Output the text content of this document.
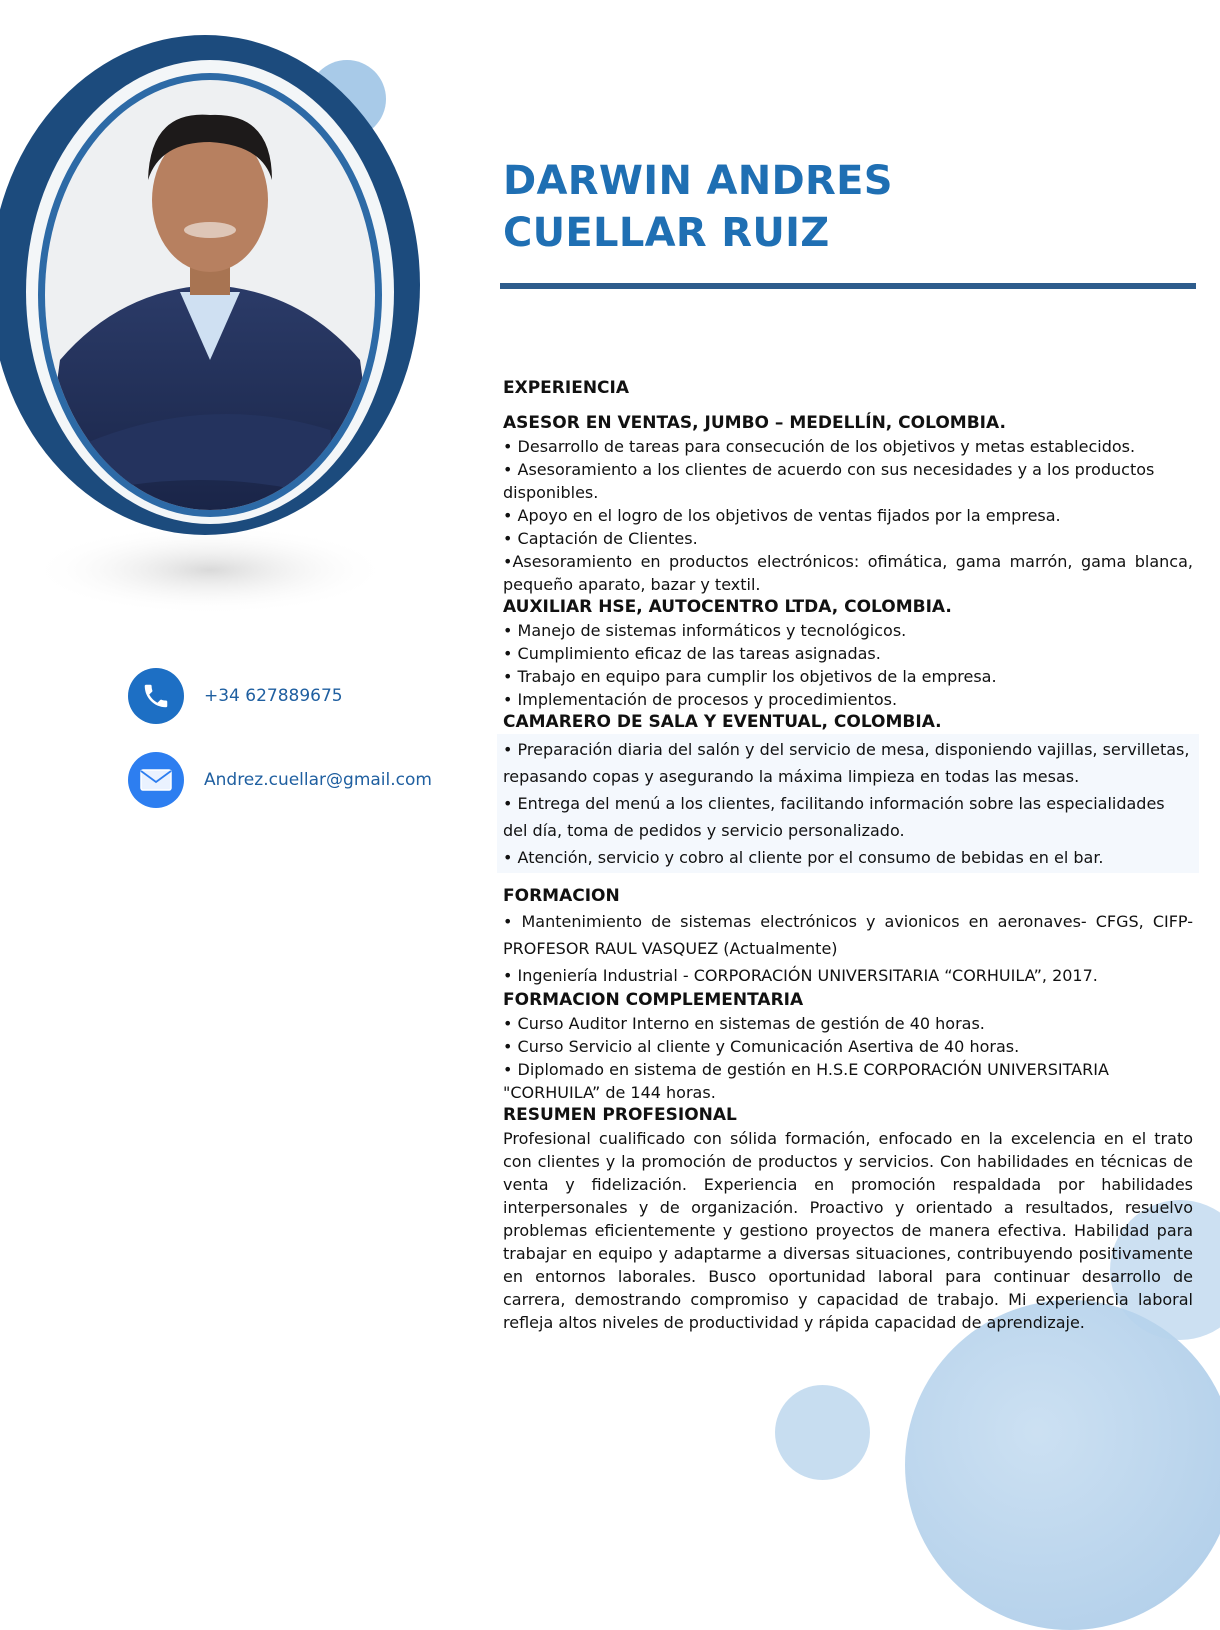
DARWIN ANDRES
CUELLAR RUIZ
+34 627889675
Andrez.cuellar@gmail.com

EXPERIENCIA

ASESOR EN VENTAS, JUMBO – MEDELLÍN, COLOMBIA.

• Desarrollo de tareas para consecución de los objetivos y metas establecidos.

• Asesoramiento a los clientes de acuerdo con sus necesidades y a los productos disponibles.

• Apoyo en el logro de los objetivos de ventas fijados por la empresa.

• Captación de Clientes.

•Asesoramiento en productos electrónicos: ofimática, gama marrón, gama blanca, pequeño aparato, bazar y textil.

AUXILIAR HSE, AUTOCENTRO LTDA, COLOMBIA.

• Manejo de sistemas informáticos y tecnológicos.

• Cumplimiento eficaz de las tareas asignadas.

• Trabajo en equipo para cumplir los objetivos de la empresa.

• Implementación de procesos y procedimientos.

CAMARERO DE SALA Y EVENTUAL, COLOMBIA.

• Preparación diaria del salón y del servicio de mesa, disponiendo vajillas, servilletas, repasando copas y asegurando la máxima limpieza en todas las mesas.

• Entrega del menú a los clientes, facilitando información sobre las especialidades del día, toma de pedidos y servicio personalizado.

• Atención, servicio y cobro al cliente por el consumo de bebidas en el bar.

FORMACION

• Mantenimiento de sistemas electrónicos y avionicos en aeronaves- CFGS, CIFP- PROFESOR RAUL VASQUEZ (Actualmente)

• Ingeniería Industrial - CORPORACIÓN UNIVERSITARIA “CORHUILA”, 2017.

FORMACION COMPLEMENTARIA

• Curso Auditor Interno en sistemas de gestión de 40 horas.

• Curso Servicio al cliente y Comunicación Asertiva de 40 horas.

• Diplomado en sistema de gestión en H.S.E CORPORACIÓN UNIVERSITARIA "CORHUILA” de 144 horas.

RESUMEN PROFESIONAL

Profesional cualificado con sólida formación, enfocado en la excelencia en el trato con clientes y la promoción de productos y servicios. Con habilidades en técnicas de venta y fidelización. Experiencia en promoción respaldada por habilidades interpersonales y de organización. Proactivo y orientado a resultados, resuelvo problemas eficientemente y gestiono proyectos de manera efectiva. Habilidad para trabajar en equipo y adaptarme a diversas situaciones, contribuyendo positivamente en entornos laborales. Busco oportunidad laboral para continuar desarrollo de carrera, demostrando compromiso y capacidad de trabajo. Mi experiencia laboral refleja altos niveles de productividad y rápida capacidad de aprendizaje.
